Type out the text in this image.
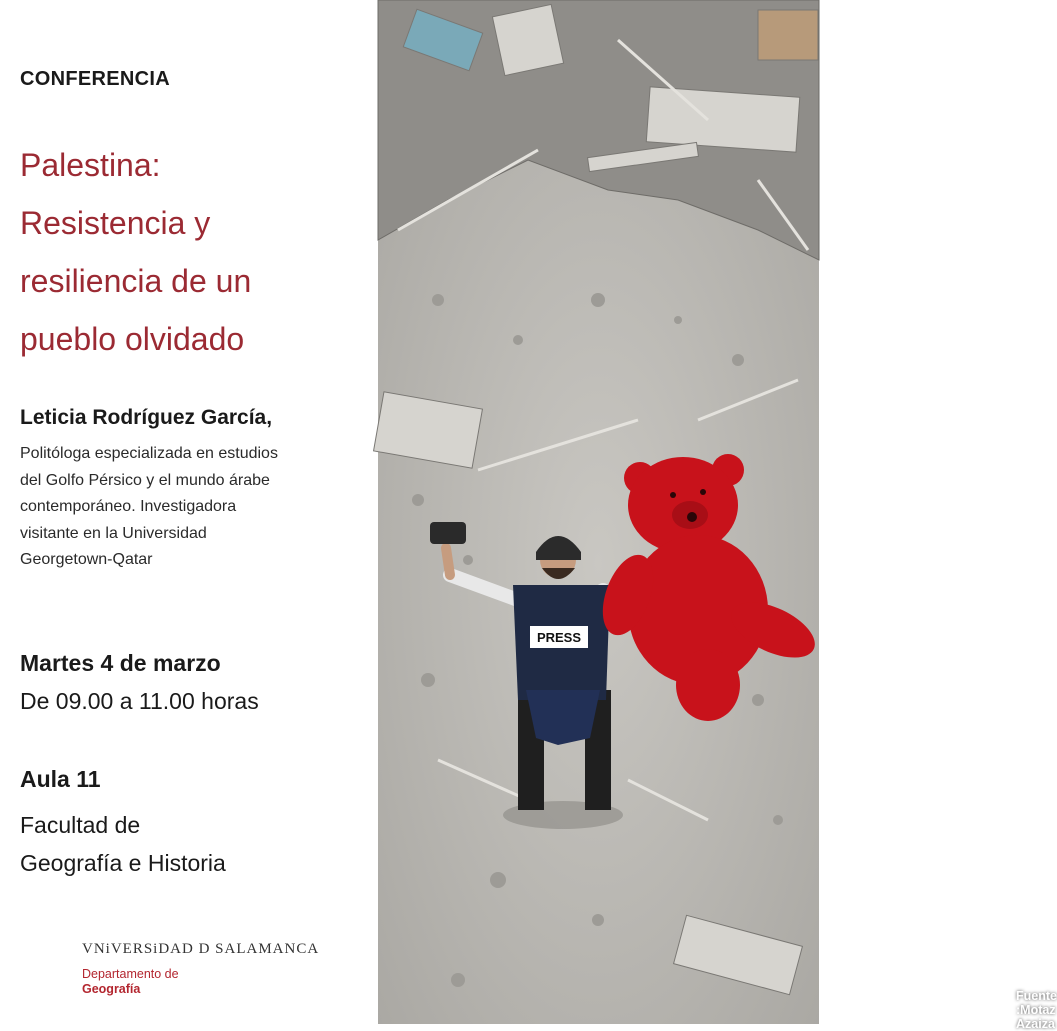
CONFERENCIA
Palestina:
Resistencia y
resiliencia de un
pueblo olvidado
Leticia Rodríguez García,
Politóloga especializada en estudios
del Golfo Pérsico y el mundo árabe
contemporáneo. Investigadora
visitante en la Universidad
Georgetown-Qatar
Martes 4 de marzo
De 09.00 a 11.00 horas
Aula 11
Facultad de
Geografía e Historia
VNiVERSiDAD D SALAMANCA
Departamento de
Geografía
PRESS
Fuente :Motaz Azaiza
